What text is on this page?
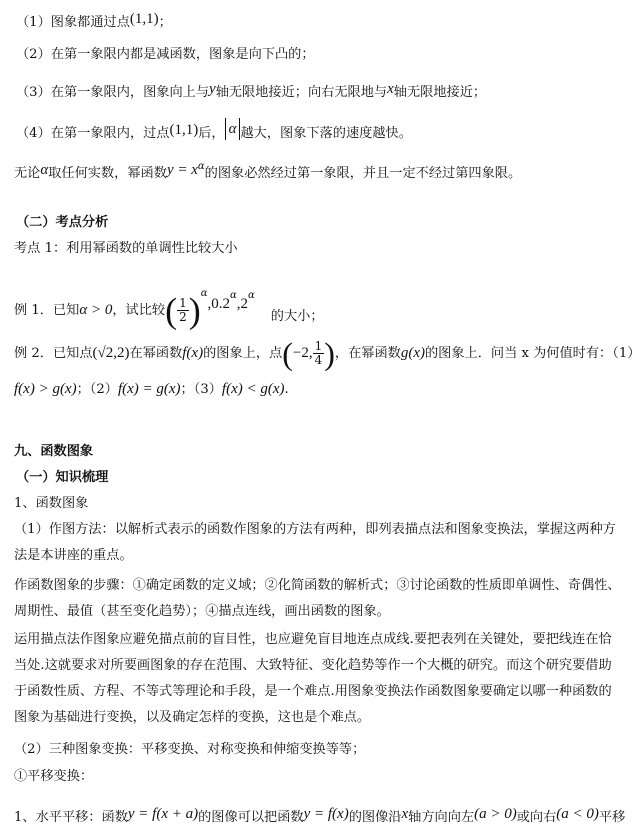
（1）图象都通过点(1,1)；
（2）在第一象限内都是减函数，图象是向下凸的；
（3）在第一象限内，图象向上与y轴无限地接近；向右无限地与x轴无限地接近；
（4）在第一象限内，过点(1,1)后， α 越大，图象下落的速度越快。
无论α取任何实数，幂函数$y = x^\alpha$的图象必然经过第一象限，并且一定不经过第四象限。
（二）考点分析
考点 1：利用幂函数的单调性比较大小
例 1．已知α > 0，试比较( $\frac{1}{2} )^\alpha,0.2^\alpha,2^\alpha$的大小；
例 2．已知点(√2,2)在幂函数f(x)的图象上，点(−2, $\frac{1}{4}$ )，在幂函数g(x)的图象上．问当 x 为何值时有：（1）
f(x) > g(x)；（2）f(x) = g(x)；（3）f(x) < g(x).
九、函数图象
（一）知识梳理
1、函数图象
（1）作图方法：以解析式表示的函数作图象的方法有两种，即列表描点法和图象变换法，掌握这两种方法是本讲座的重点。
作函数图象的步骤：①确定函数的定义域；②化简函数的解析式；③讨论函数的性质即单调性、奇偶性、周期性、最值（甚至变化趋势）；④描点连线，画出函数的图象。
运用描点法作图象应避免描点前的盲目性，也应避免盲目地连点成线.要把表列在关键处，要把线连在恰当处.这就要求对所要画图象的存在范围、大致特征、变化趋势等作一个大概的研究。而这个研究要借助于函数性质、方程、不等式等理论和手段，是一个难点.用图象变换法作函数图象要确定以哪一种函数的图象为基础进行变换，以及确定怎样的变换，这也是个难点。
（2）三种图象变换：平移变换、对称变换和伸缩变换等等；
①平移变换：
1、水平平移：函数y = f(x + a)的图像可以把函数y = f(x)的图像沿x轴方向向左(a > 0)或向右(a < 0)平移
